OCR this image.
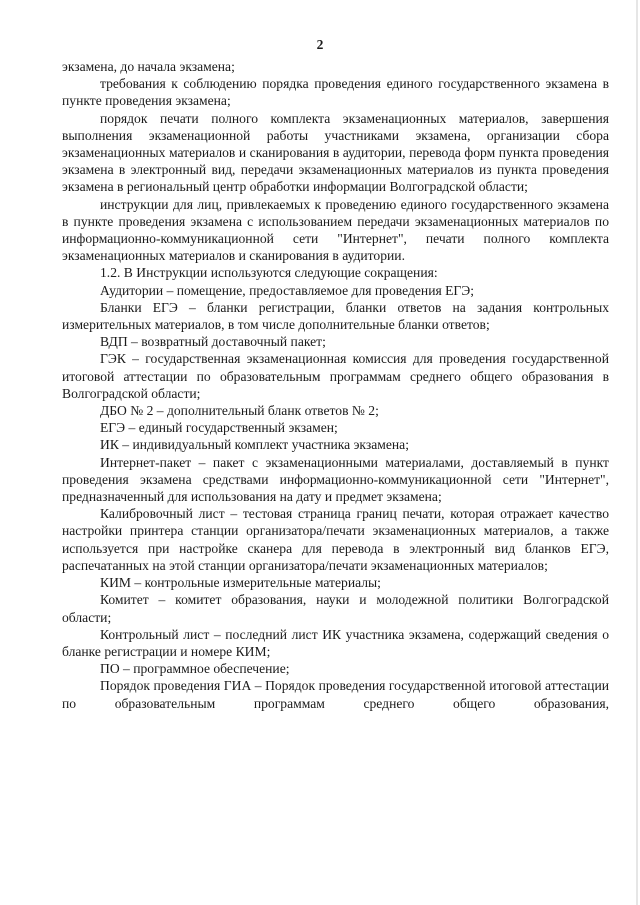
2

экзамена, до начала экзамена;

требования к соблюдению порядка проведения единого государственного экзамена в пункте проведения экзамена;

порядок печати полного комплекта экзаменационных материалов, завершения выполнения экзаменационной работы участниками экзамена, организации сбора экзаменационных материалов и сканирования в аудитории, перевода форм пункта проведения экзамена в электронный вид, передачи экзаменационных материалов из пункта проведения экзамена в региональный центр обработки информации Волгоградской области;

инструкции для лиц, привлекаемых к проведению единого государственного экзамена в пункте проведения экзамена с использованием передачи экзаменационных материалов по информационно-коммуникационной сети "Интернет", печати полного комплекта экзаменационных материалов и сканирования в аудитории.

1.2. В Инструкции используются следующие сокращения:

Аудитории – помещение, предоставляемое для проведения ЕГЭ;

Бланки ЕГЭ – бланки регистрации, бланки ответов на задания контрольных измерительных материалов, в том числе дополнительные бланки ответов;

ВДП – возвратный доставочный пакет;

ГЭК – государственная экзаменационная комиссия для проведения государственной итоговой аттестации по образовательным программам среднего общего образования в Волгоградской области;

ДБО № 2 – дополнительный бланк ответов № 2;

ЕГЭ – единый государственный экзамен;

ИК – индивидуальный комплект участника экзамена;

Интернет-пакет – пакет с экзаменационными материалами, доставляемый в пункт проведения экзамена средствами информационно-коммуникационной сети "Интернет", предназначенный для использования на дату и предмет экзамена;

Калибровочный лист – тестовая страница границ печати, которая отражает качество настройки принтера станции организатора/печати экзаменационных материалов, а также используется при настройке сканера для перевода в электронный вид бланков ЕГЭ, распечатанных на этой станции организатора/печати экзаменационных материалов;

КИМ – контрольные измерительные материалы;

Комитет – комитет образования, науки и молодежной политики Волгоградской области;

Контрольный лист – последний лист ИК участника экзамена, содержащий сведения о бланке регистрации и номере КИМ;

ПО – программное обеспечение;

Порядок проведения ГИА – Порядок проведения государственной итоговой аттестации по образовательным программам среднего общего образования,
